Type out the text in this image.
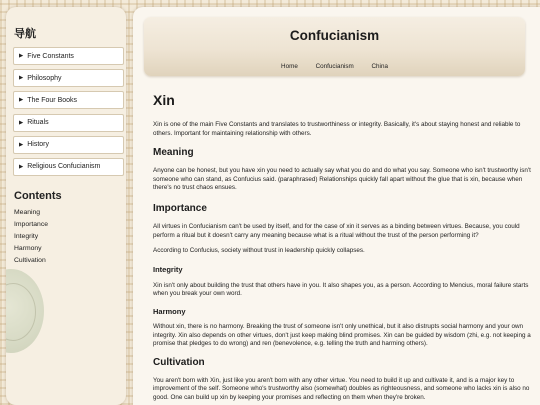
导航
▶ Five Constants
▶ Philosophy
▶ The Four Books
▶ Rituals
▶ History
▶ Religious Confucianism
Contents
Meaning
Importance
Integrity
Harmony
Cultivation
Confucianism
Home	Confucianism	China
Xin

Xin is one of the main Five Constants and translates to trustworthiness or integrity. Basically, it's about staying honest and reliable to others. Important for maintaining relationship with others.

Meaning

Anyone can be honest, but you have xin you need to actually say what you do and do what you say. Someone who isn't trustworthy isn't someone who can stand, as Confucius said. (paraphrased) Relationships quickly fall apart without the glue that is xin, because when there's no trust chaos ensues.

Importance

All virtues in Confucianism can't be used by itself, and for the case of xin it serves as a binding between virtues. Because, you could perform a ritual but it doesn't carry any meaning because what is a ritual without the trust of the person performing it?

According to Confucius, society without trust in leadership quickly collapses.

Integrity

Xin isn't only about building the trust that others have in you. It also shapes you, as a person. According to Mencius, moral failure starts when you break your own word.

Harmony

Without xin, there is no harmony. Breaking the trust of someone isn't only unethical, but it also distrupts social harmony and your own integrity. Xin also depends on other virtues, don't just keep making blind promises. Xin can be guided by wisdom (zhi, e.g. not keeping a promise that pledges to do wrong) and ren (benevolence, e.g. telling the truth and harming others).

Cultivation

You aren't born with Xin, just like you aren't born with any other virtue. You need to build it up and cultivate it, and is a major key to improvement of the self. Someone who's trustworthy also (somewhat) doubles as righteousness, and someone who lacks xin is also no good. One can build up xin by keeping your promises and reflecting on them when they're broken.
